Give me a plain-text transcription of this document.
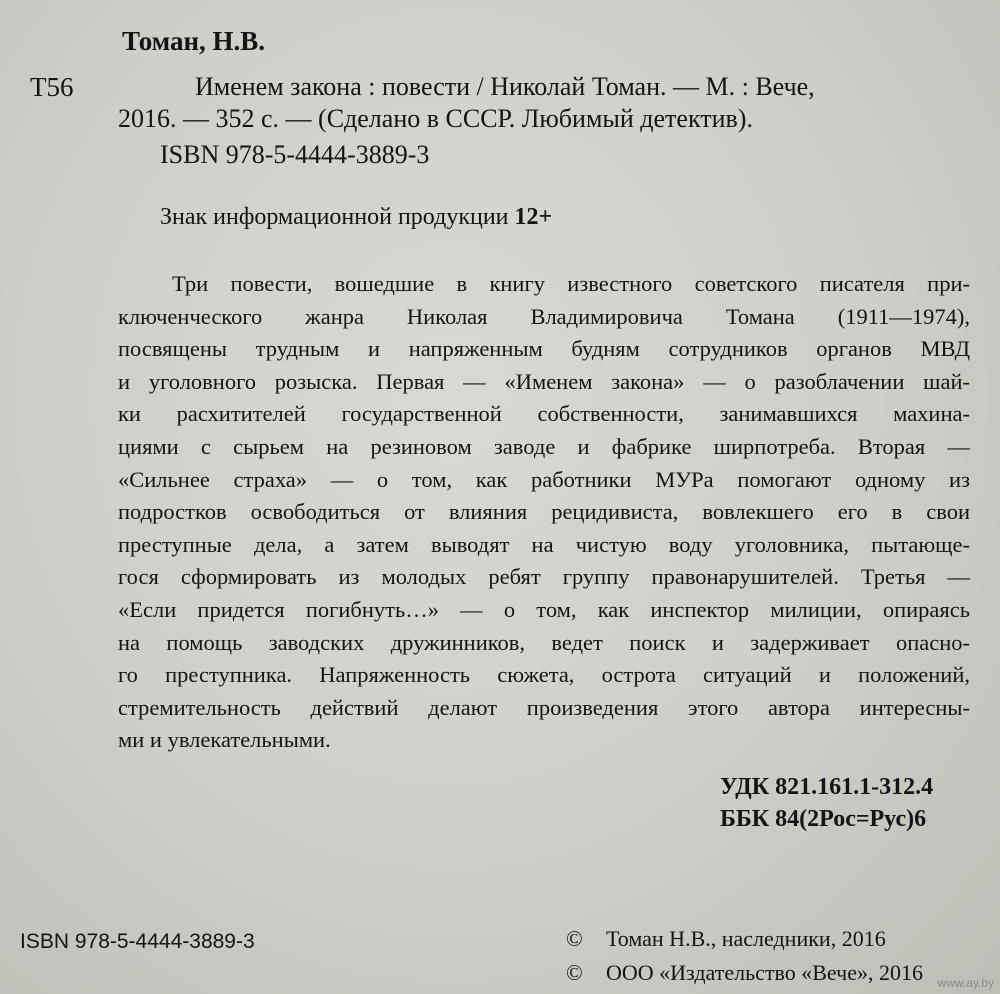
Томан, Н.В.
Т56	Именем закона : повести / Николай Томан. — М. : Вече,
2016. — 352 с. — (Сделано в СССР. Любимый детектив).
ISBN 978-5-4444-3889-3
Знак информационной продукции 12+
Три повести, вошедшие в книгу известного советского писателя при-
ключенческого жанра Николая Владимировича Томана (1911—1974),
посвящены трудным и напряженным будням сотрудников органов МВД
и уголовного розыска. Первая — «Именем закона» — о разоблачении шай-
ки расхитителей государственной собственности, занимавшихся махина-
циями с сырьем на резиновом заводе и фабрике ширпотреба. Вторая —
«Сильнее страха» — о том, как работники МУРа помогают одному из
подростков освободиться от влияния рецидивиста, вовлекшего его в свои
преступные дела, а затем выводят на чистую воду уголовника, пытающе-
гося сформировать из молодых ребят группу правонарушителей. Третья —
«Если придется погибнуть…» — о том, как инспектор милиции, опираясь
на помощь заводских дружинников, ведет поиск и задерживает опасно-
го преступника. Напряженность сюжета, острота ситуаций и положений,
стремительность действий делают произведения этого автора интересны-
ми и увлекательными.
УДК 821.161.1-312.4
ББК 84(2Рос=Рус)6
ISBN 978-5-4444-3889-3	© Томан Н.В., наследники, 2016
© ООО «Издательство «Вече», 2016 www.ay.by
